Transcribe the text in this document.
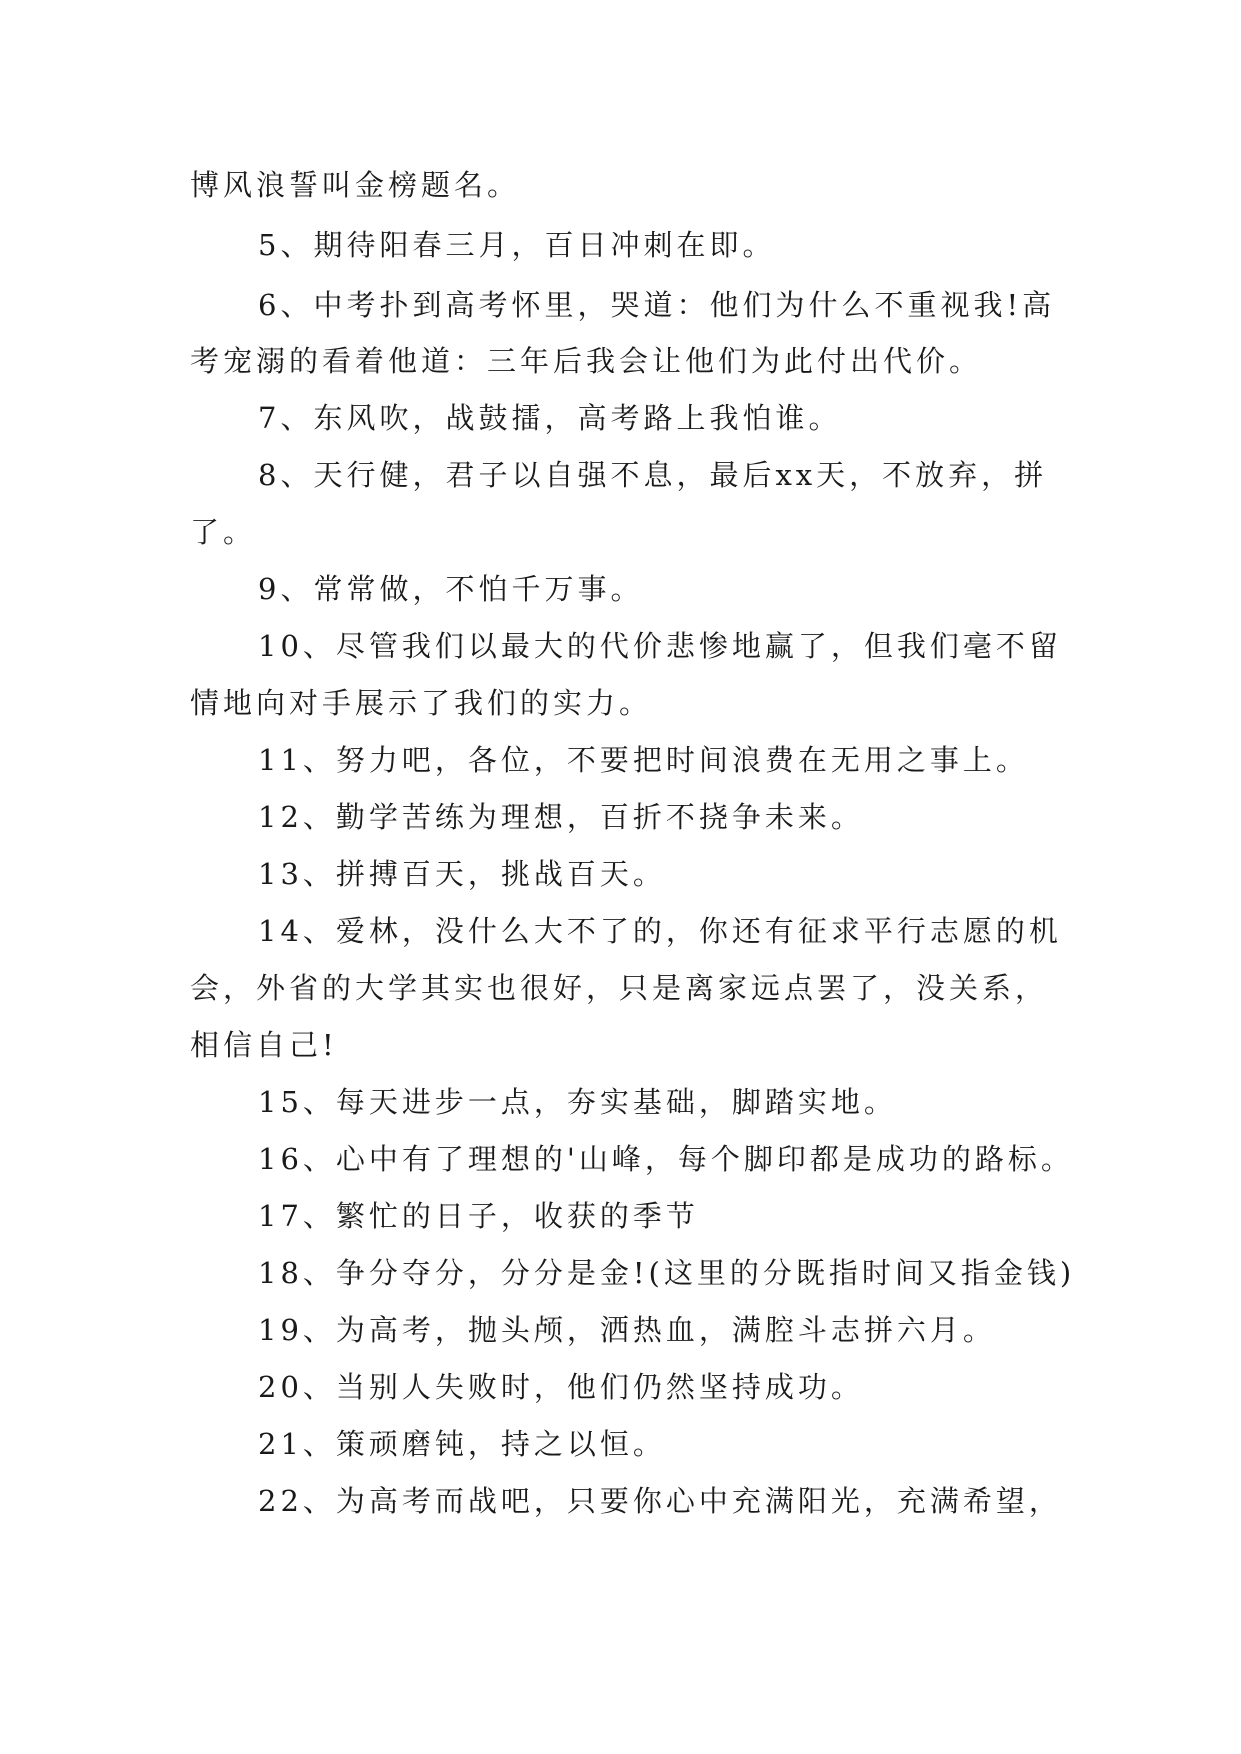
博风浪誓叫金榜题名。
5、期待阳春三月，百日冲刺在即。
6、中考扑到高考怀里，哭道：他们为什么不重视我!高
考宠溺的看着他道：三年后我会让他们为此付出代价。
7、东风吹，战鼓擂，高考路上我怕谁。
8、天行健，君子以自强不息，最后xx天，不放弃，拼
了。
9、常常做，不怕千万事。
10、尽管我们以最大的代价悲惨地赢了，但我们毫不留
情地向对手展示了我们的实力。
11、努力吧，各位，不要把时间浪费在无用之事上。
12、勤学苦练为理想，百折不挠争未来。
13、拼搏百天，挑战百天。
14、爱林，没什么大不了的，你还有征求平行志愿的机
会，外省的大学其实也很好，只是离家远点罢了，没关系，
相信自己!
15、每天进步一点，夯实基础，脚踏实地。
16、心中有了理想的'山峰，每个脚印都是成功的路标。
17、繁忙的日子，收获的季节
18、争分夺分，分分是金!(这里的分既指时间又指金钱)
19、为高考，抛头颅，洒热血，满腔斗志拼六月。
20、当别人失败时，他们仍然坚持成功。
21、策顽磨钝，持之以恒。
22、为高考而战吧，只要你心中充满阳光，充满希望，
